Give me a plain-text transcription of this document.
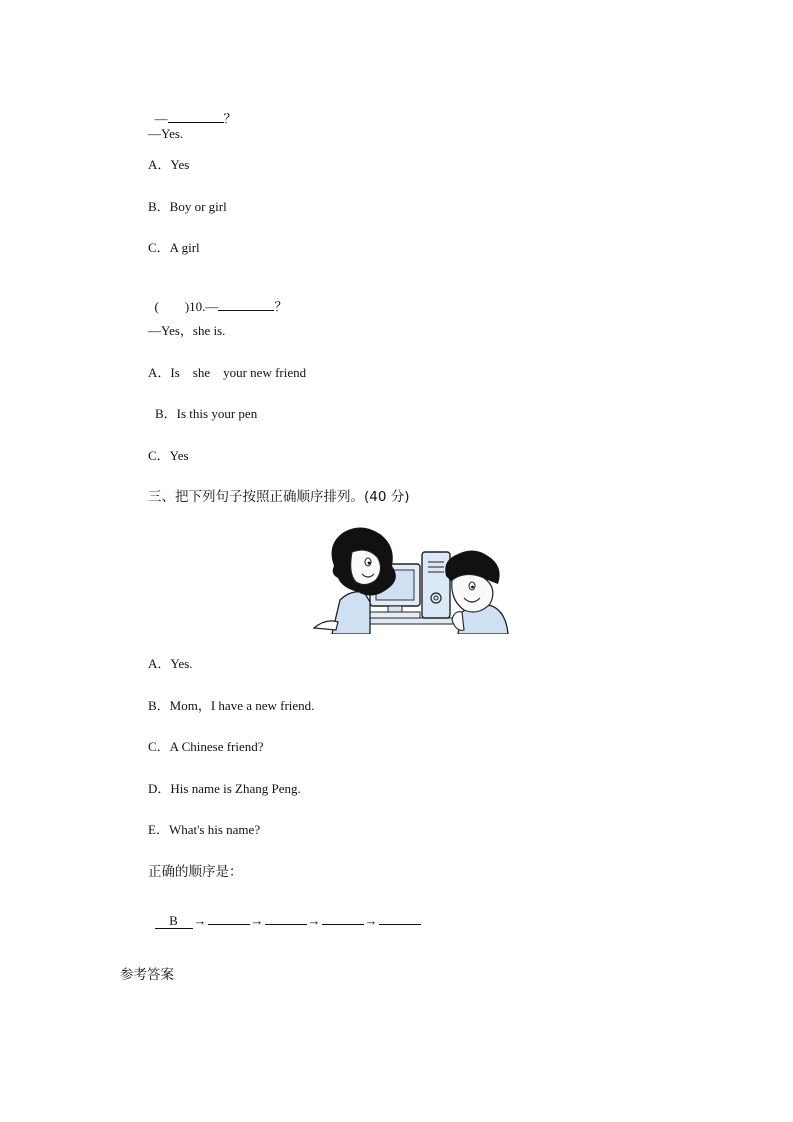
—	？

—Yes.
A．Yes
B．Boy or girl
C．A girl

(　　)10.—	？

—Yes，she is.
A．Is　she　your new friend
B．Is this your pen
C．Yes
三、把下列句子按照正确顺序排列。(40 分)
A．Yes.
B．Mom，I have a new friend.
C．A Chinese friend?
D．His name is Zhang Peng.
E．What's his name?
正确的顺序是：

B →	→	→	→

参考答案
